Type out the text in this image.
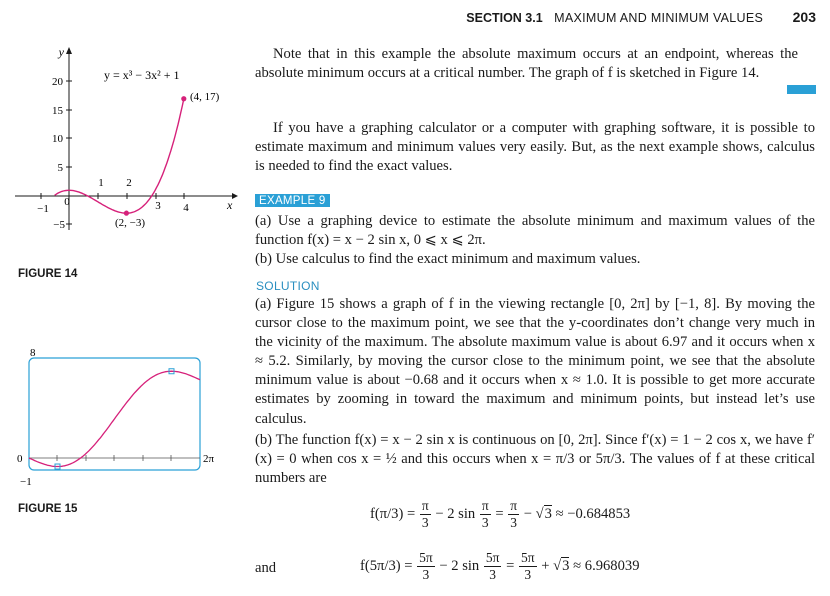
SECTION 3.1 MAXIMUM AND MINIMUM VALUES 203
20
15
10
5
−5
−1
0
1 2
3 4
y
x
y = x³ − 3x² + 1
(4, 17)
(2, −3)
FIGURE 14
8
0
−1
2π
FIGURE 15

Note that in this example the absolute maximum occurs at an endpoint, whereas the absolute minimum occurs at a critical number. The graph of f is sketched in Figure 14.

If you have a graphing calculator or a computer with graphing software, it is possible to estimate maximum and minimum values very easily. But, as the next example shows, calculus is needed to find the exact values.

EXAMPLE 9

(a) Use a graphing device to estimate the absolute minimum and maximum values of the function f(x) = x − 2 sin x, 0 ⩽ x ⩽ 2π.

(b) Use calculus to find the exact minimum and maximum values.

SOLUTION

(a) Figure 15 shows a graph of f in the viewing rectangle [0, 2π] by [−1, 8]. By moving the cursor close to the maximum point, we see that the y-coordinates don’t change very much in the vicinity of the maximum. The absolute maximum value is about 6.97 and it occurs when x ≈ 5.2. Similarly, by moving the cursor close to the minimum point, we see that the absolute minimum value is about −0.68 and it occurs when x ≈ 1.0. It is possible to get more accurate estimates by zooming in toward the maximum and minimum points, but instead let’s use calculus.

(b) The function f(x) = x − 2 sin x is continuous on [0, 2π]. Since f′(x) = 1 − 2 cos x, we have f′(x) = 0 when cos x = ½ and this occurs when x = π/3 or 5π/3. The values of f at these critical numbers are

$f(\pi/3) = \frac{\pi}{3} - 2$ $\sin \frac{\pi}{3} = \frac{\pi}{3} - √3 \approx -0.684853$
and	$f(5\pi/3) = \frac{5\pi}{3} - 2$ $\sin \frac{5\pi}{3} = \frac{5\pi}{3} + √3 \approx 6.968039$
